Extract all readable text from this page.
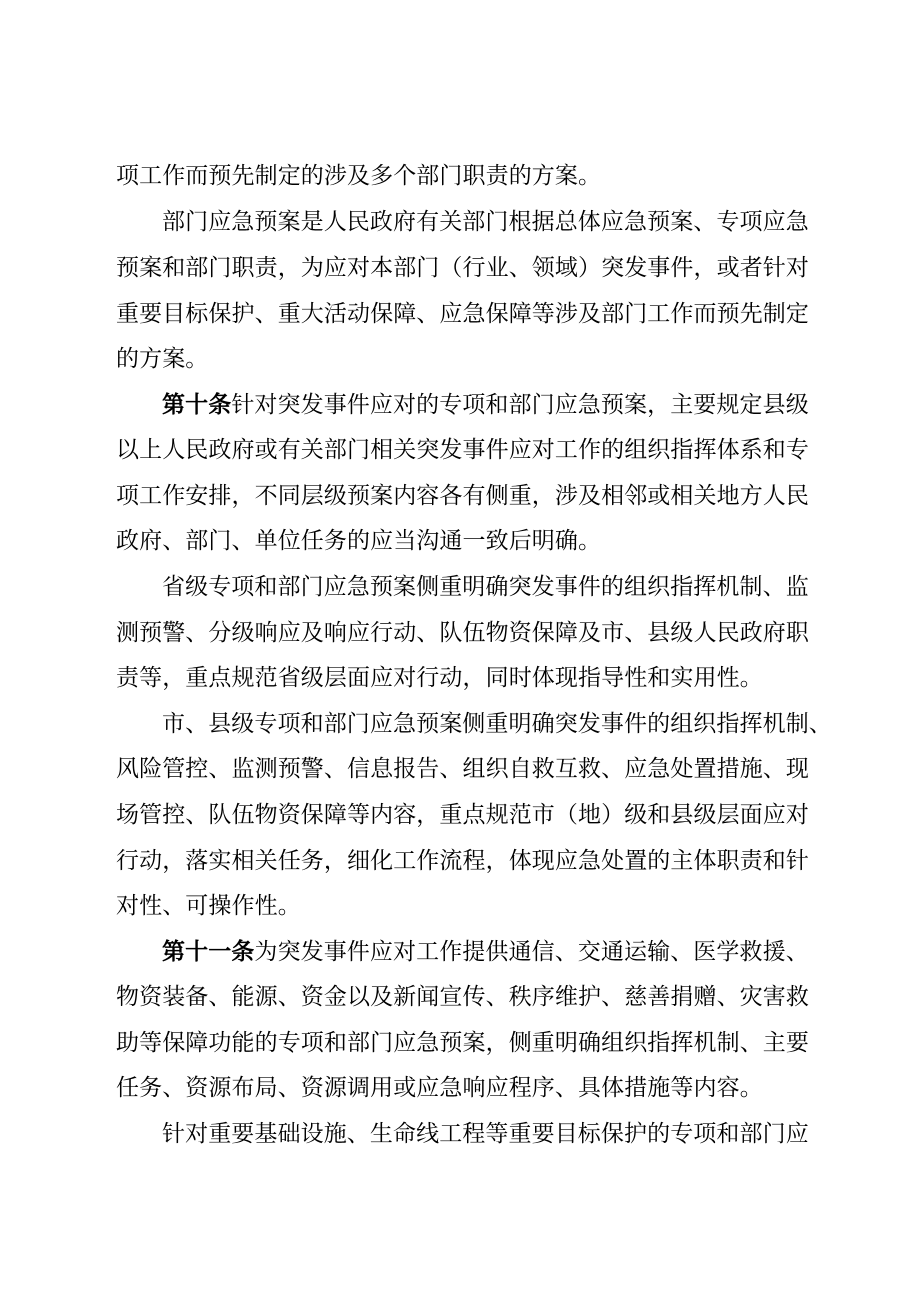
项工作而预先制定的涉及多个部门职责的方案。
部门应急预案是人民政府有关部门根据总体应急预案、专项应急
预案和部门职责，为应对本部门（行业、领域）突发事件，或者针对
重要目标保护、重大活动保障、应急保障等涉及部门工作而预先制定
的方案。
第十条针对突发事件应对的专项和部门应急预案，主要规定县级
以上人民政府或有关部门相关突发事件应对工作的组织指挥体系和专
项工作安排，不同层级预案内容各有侧重，涉及相邻或相关地方人民
政府、部门、单位任务的应当沟通一致后明确。
省级专项和部门应急预案侧重明确突发事件的组织指挥机制、监
测预警、分级响应及响应行动、队伍物资保障及市、县级人民政府职
责等，重点规范省级层面应对行动，同时体现指导性和实用性。
市、县级专项和部门应急预案侧重明确突发事件的组织指挥机制、
风险管控、监测预警、信息报告、组织自救互救、应急处置措施、现
场管控、队伍物资保障等内容，重点规范市（地）级和县级层面应对
行动，落实相关任务，细化工作流程，体现应急处置的主体职责和针
对性、可操作性。
第十一条为突发事件应对工作提供通信、交通运输、医学救援、
物资装备、能源、资金以及新闻宣传、秩序维护、慈善捐赠、灾害救
助等保障功能的专项和部门应急预案，侧重明确组织指挥机制、主要
任务、资源布局、资源调用或应急响应程序、具体措施等内容。
针对重要基础设施、生命线工程等重要目标保护的专项和部门应
